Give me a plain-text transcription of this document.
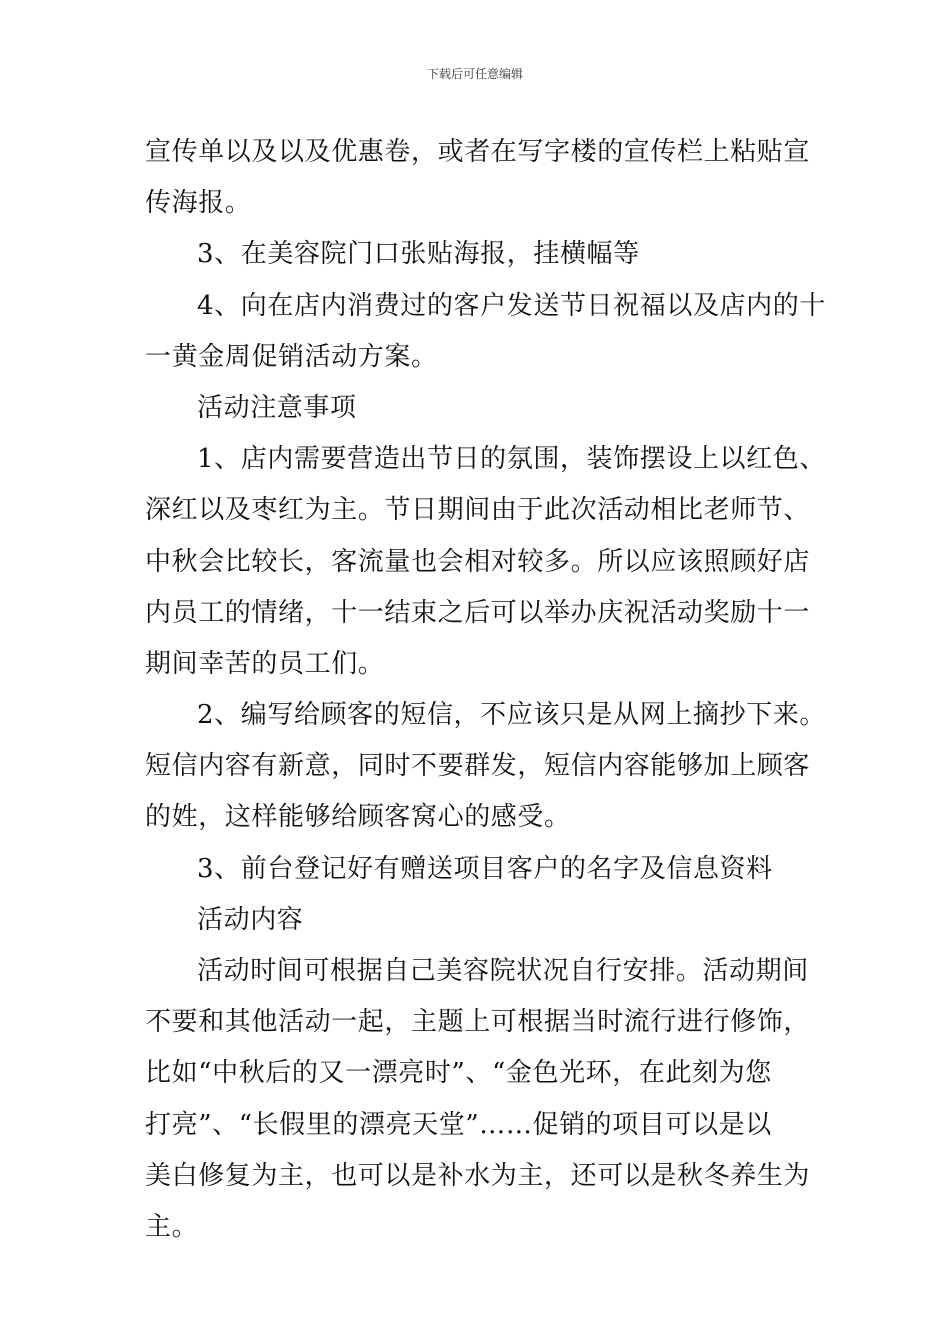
下载后可任意编辑
宣传单以及以及优惠卷，或者在写字楼的宣传栏上粘贴宣
传海报。
3、在美容院门口张贴海报，挂横幅等
4、向在店内消费过的客户发送节日祝福以及店内的十
一黄金周促销活动方案。
活动注意事项
1、店内需要营造出节日的氛围，装饰摆设上以红色、
深红以及枣红为主。节日期间由于此次活动相比老师节、
中秋会比较长，客流量也会相对较多。所以应该照顾好店
内员工的情绪，十一结束之后可以举办庆祝活动奖励十一
期间幸苦的员工们。
2、编写给顾客的短信，不应该只是从网上摘抄下来。
短信内容有新意，同时不要群发，短信内容能够加上顾客
的姓，这样能够给顾客窝心的感受。
3、前台登记好有赠送项目客户的名字及信息资料
活动内容
活动时间可根据自己美容院状况自行安排。活动期间
不要和其他活动一起，主题上可根据当时流行进行修饰，
比如“中秋后的又一漂亮时”、“金色光环，在此刻为您
打亮”、“长假里的漂亮天堂”……促销的项目可以是以
美白修复为主，也可以是补水为主，还可以是秋冬养生为
主。
